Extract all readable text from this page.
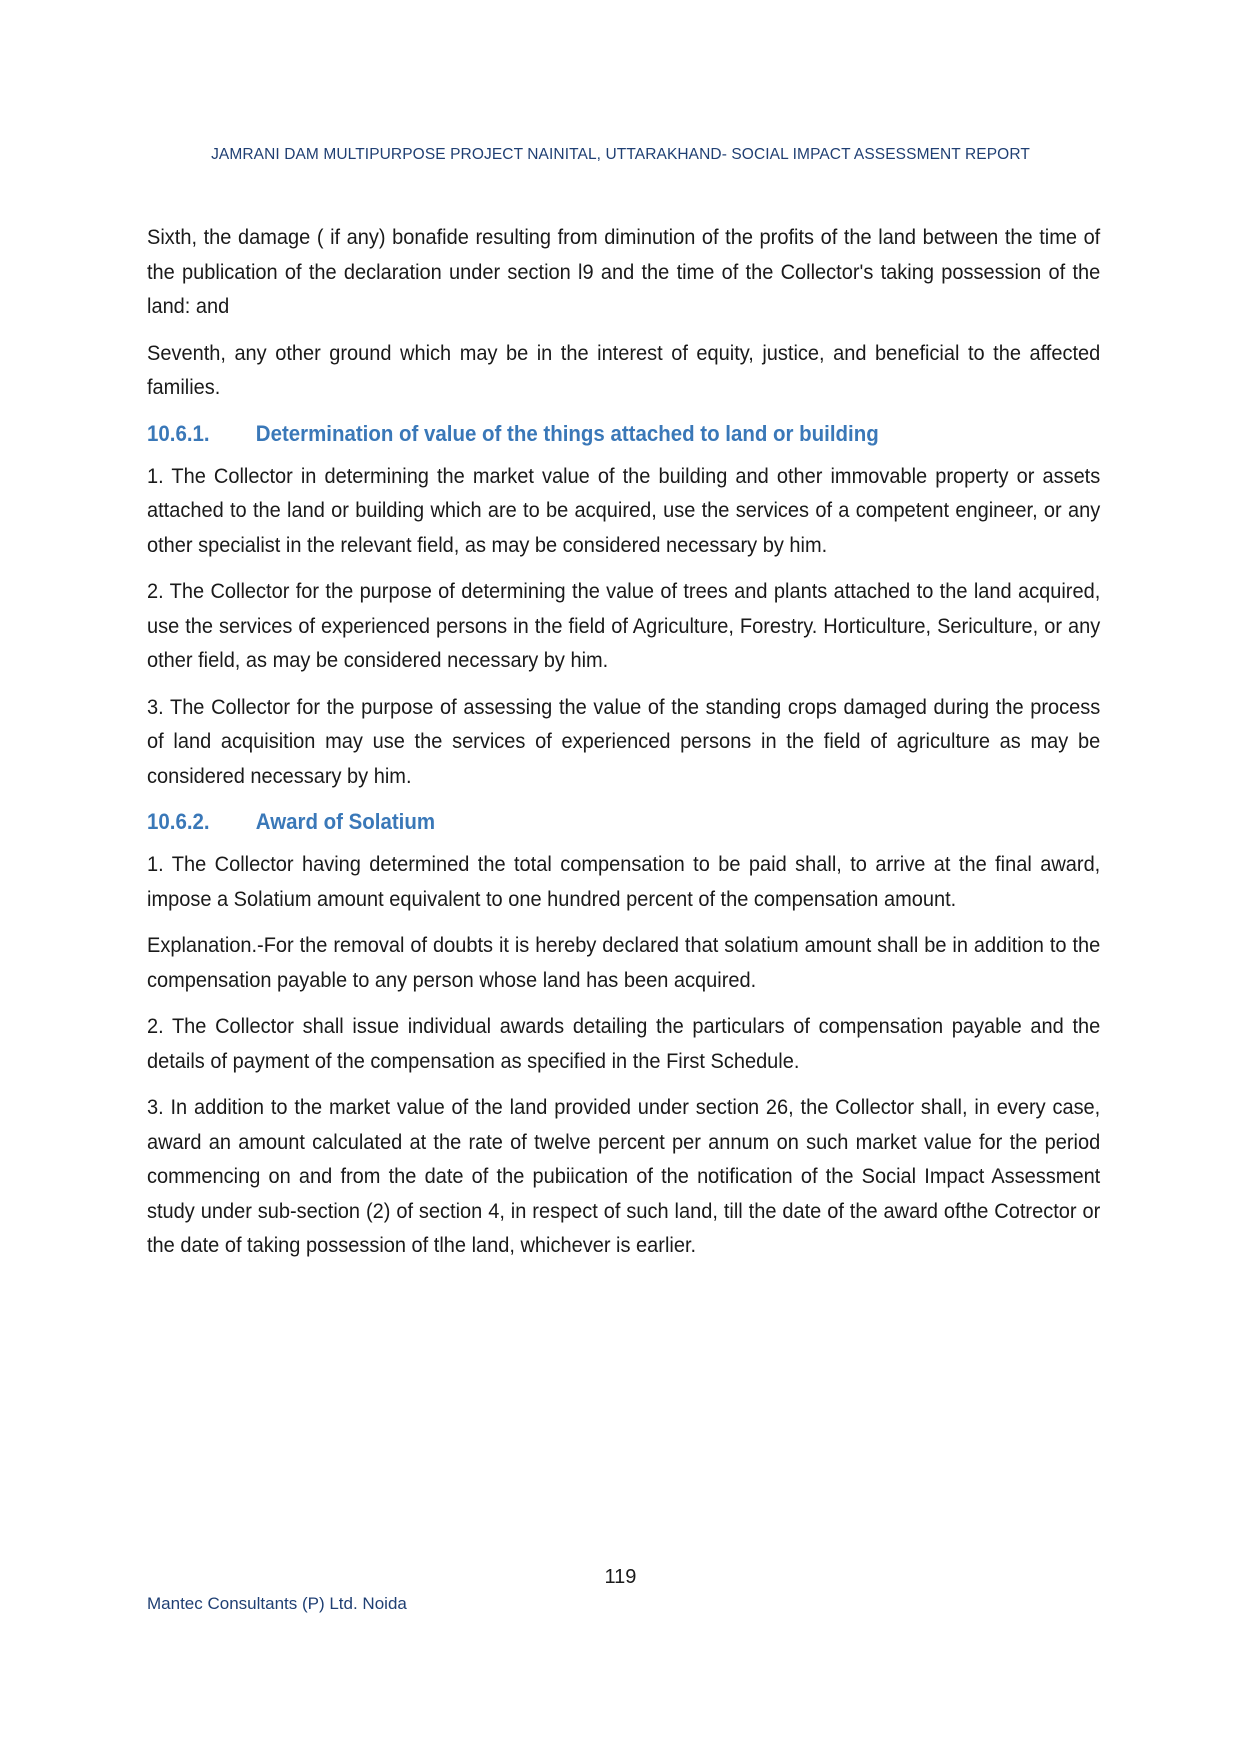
JAMRANI DAM MULTIPURPOSE PROJECT NAINITAL, UTTARAKHAND- SOCIAL IMPACT ASSESSMENT REPORT

Sixth, the damage ( if any) bonafide resulting from diminution of the profits of the land between the time of the publication of the declaration under section l9 and the time of the Collector's taking possession of the land: and

Seventh, any other ground which may be in the interest of equity, justice, and beneficial to the affected families.

10.6.1. Determination of value of the things attached to land or building

1. The Collector in determining the market value of the building and other immovable property or assets attached to the land or building which are to be acquired, use the services of a competent engineer, or any other specialist in the relevant field, as may be considered necessary by him.

2. The Collector for the purpose of determining the value of trees and plants attached to the land acquired, use the services of experienced persons in the field of Agriculture, Forestry. Horticulture, Sericulture, or any other field, as may be considered necessary by him.

3. The Collector for the purpose of assessing the value of the standing crops damaged during the process of land acquisition may use the services of experienced persons in the field of agriculture as may be considered necessary by him.

10.6.2. Award of Solatium

1. The Collector having determined the total compensation to be paid shall, to arrive at the final award, impose a Solatium amount equivalent to one hundred percent of the compensation amount.

Explanation.-For the removal of doubts it is hereby declared that solatium amount shall be in addition to the compensation payable to any person whose land has been acquired.

2. The Collector shall issue individual awards detailing the particulars of compensation payable and the details of payment of the compensation as specified in the First Schedule.

3. In addition to the market value of the land provided under section 26, the Collector shall, in every case, award an amount calculated at the rate of twelve percent per annum on such market value for the period commencing on and from the date of the pubiication of the notification of the Social Impact Assessment study under sub-section (2) of section 4, in respect of such land, till the date of the award ofthe Cotrector or the date of taking possession of tlhe land, whichever is earlier.

119
Mantec Consultants (P) Ltd. Noida
